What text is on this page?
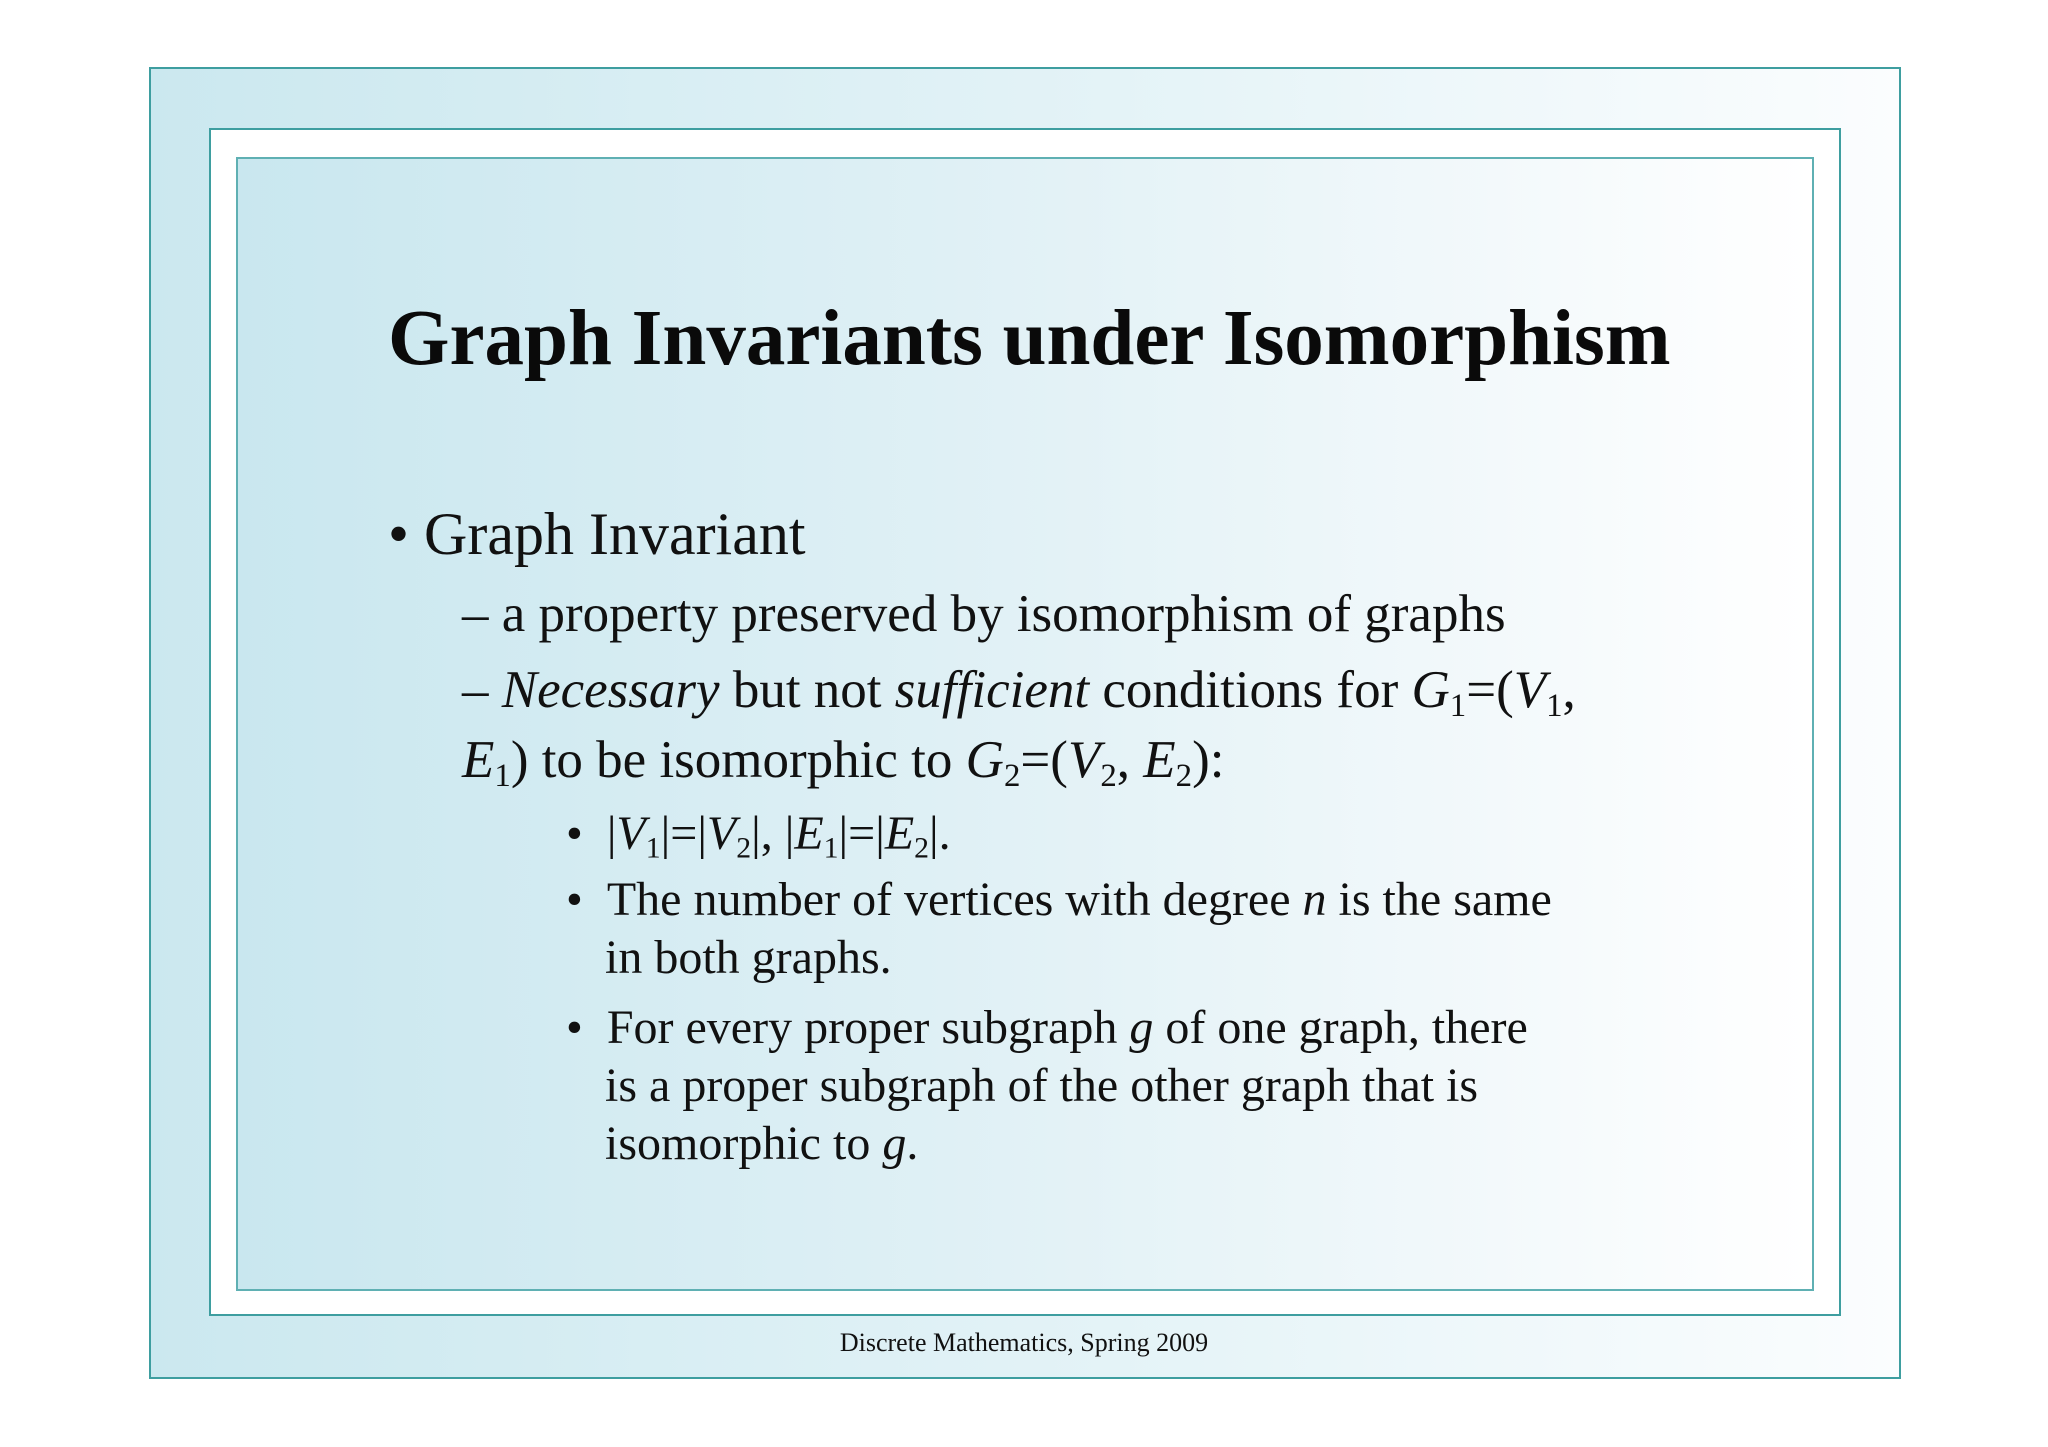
Graph Invariants under Isomorphism
• Graph Invariant
– a property preserved by isomorphism of graphs
– Necessary but not sufficient conditions for $G_1=(V_1$,
$E_1$) to be isomorphic to $G_2=(V_2$, $E_2$):
• $|V_1|=|V_2|$, $|E_1|=|E_2|$.
• The number of vertices with degree n is the same
in both graphs.
• For every proper subgraph g of one graph, there
is a proper subgraph of the other graph that is
isomorphic to g.
Discrete Mathematics, Spring 2009
